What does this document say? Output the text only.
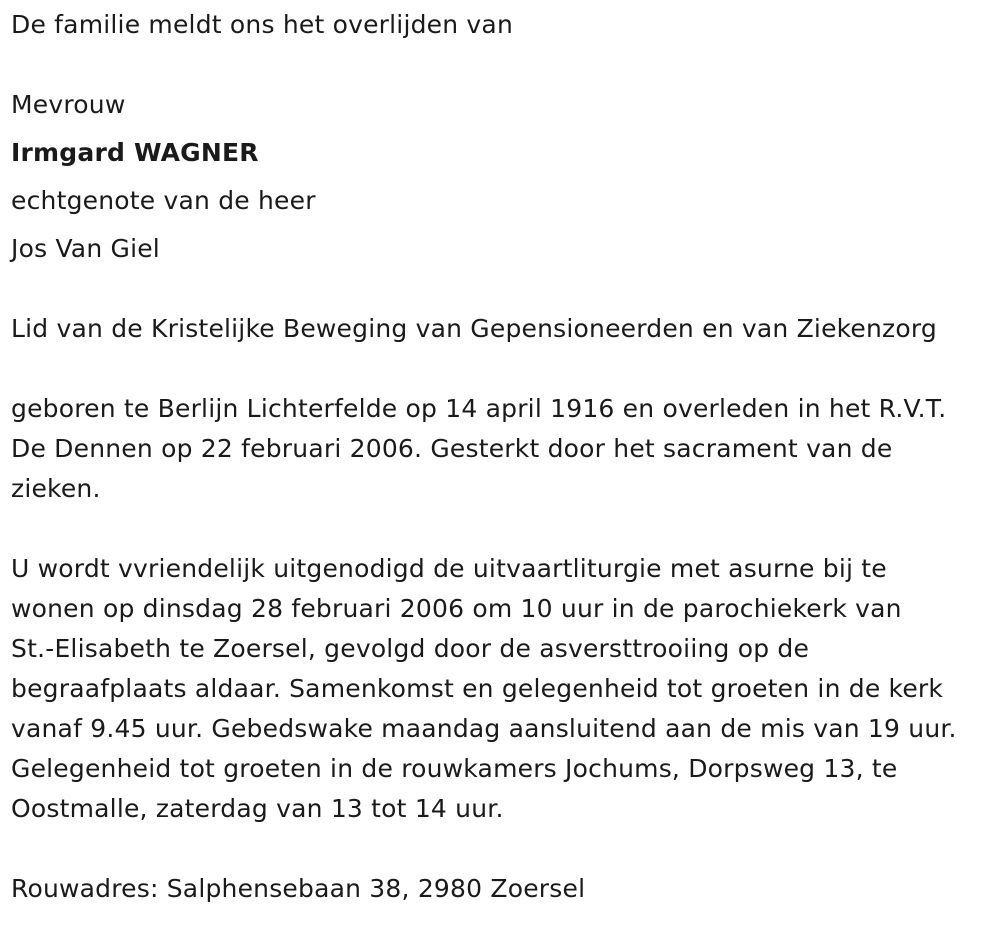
De familie meldt ons het overlijden van
Mevrouw
Irmgard WAGNER
echtgenote van de heer
Jos Van Giel
Lid van de Kristelijke Beweging van Gepensioneerden en van Ziekenzorg
geboren te Berlijn Lichterfelde op 14 april 1916 en overleden in het R.V.T.
De Dennen op 22 februari 2006. Gesterkt door het sacrament van de
zieken.
U wordt vvriendelijk uitgenodigd de uitvaartliturgie met asurne bij te
wonen op dinsdag 28 februari 2006 om 10 uur in de parochiekerk van
St.-Elisabeth te Zoersel, gevolgd door de asversttrooiing op de
begraafplaats aldaar. Samenkomst en gelegenheid tot groeten in de kerk
vanaf 9.45 uur. Gebedswake maandag aansluitend aan de mis van 19 uur.
Gelegenheid tot groeten in de rouwkamers Jochums, Dorpsweg 13, te
Oostmalle, zaterdag van 13 tot 14 uur.
Rouwadres: Salphensebaan 38, 2980 Zoersel
